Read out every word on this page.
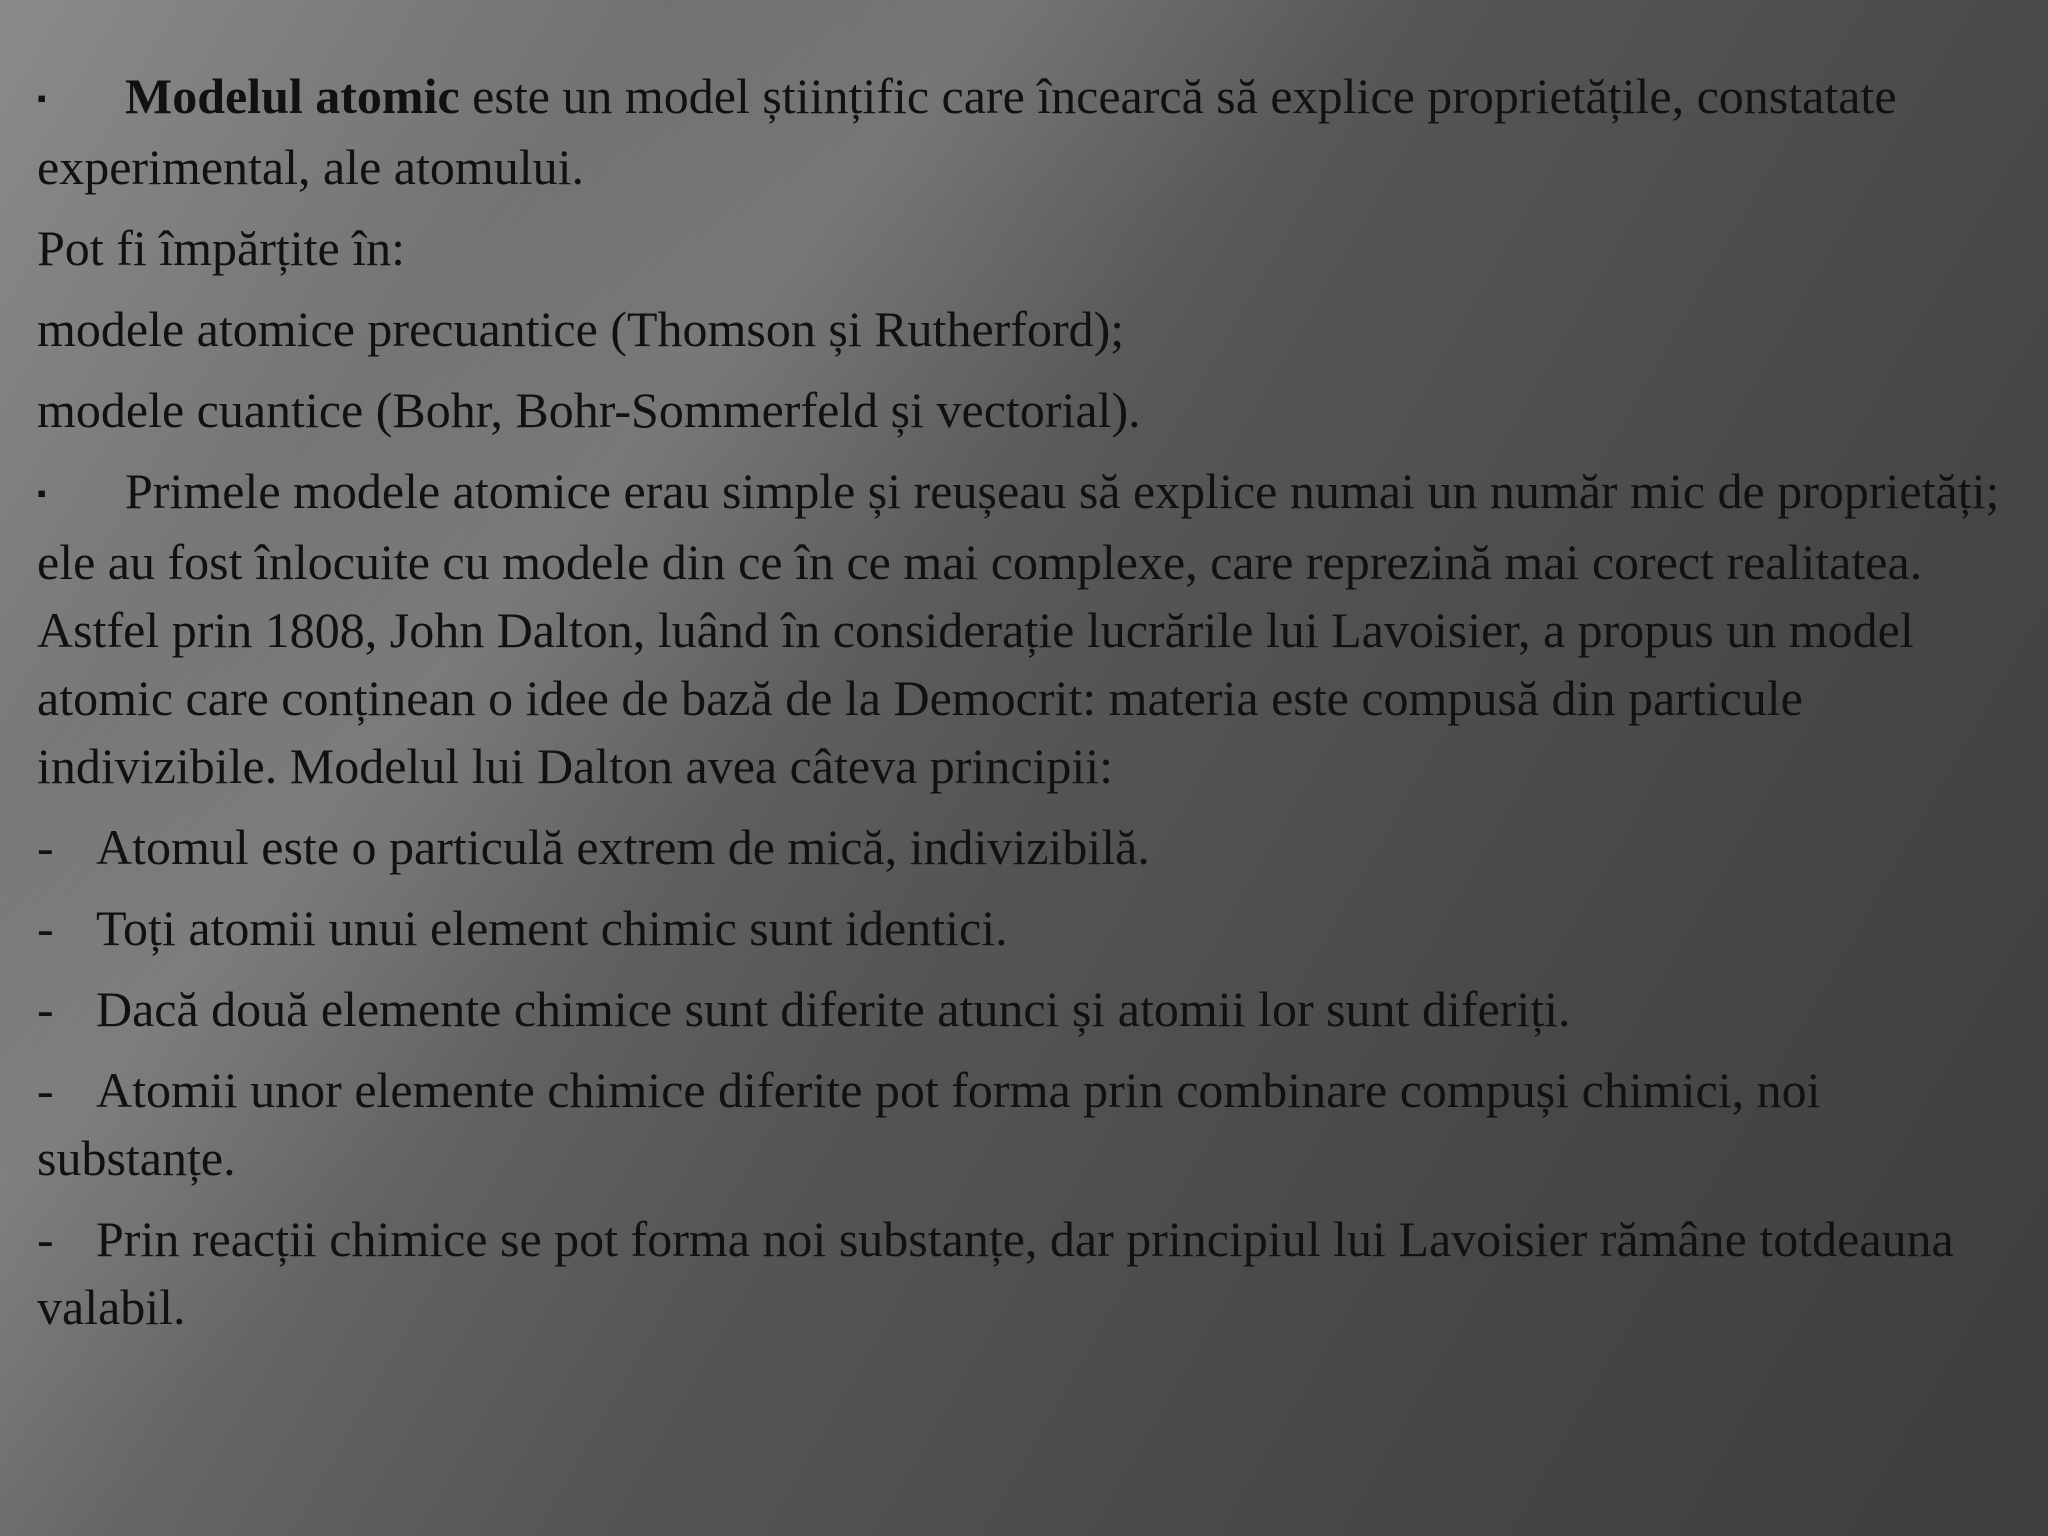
▪ Modelul atomic este un model științific care încearcă să explice proprietățile, constatate experimental, ale atomului.

Pot fi împărțite în:

modele atomice precuantice (Thomson și Rutherford);

modele cuantice (Bohr, Bohr-Sommerfeld și vectorial).

▪ Primele modele atomice erau simple și reușeau să explice numai un număr mic de proprietăți; ele au fost înlocuite cu modele din ce în ce mai complexe, care reprezină mai corect realitatea. Astfel prin 1808, John Dalton, luând în considerație lucrările lui Lavoisier, a propus un model atomic care conținean o idee de bază de la Democrit: materia este compusă din particule indivizibile. Modelul lui Dalton avea câteva principii:

- Atomul este o particulă extrem de mică, indivizibilă.

- Toți atomii unui element chimic sunt identici.

- Dacă două elemente chimice sunt diferite atunci și atomii lor sunt diferiți.

- Atomii unor elemente chimice diferite pot forma prin combinare compuși chimici, noi substanțe.

- Prin reacții chimice se pot forma noi substanțe, dar principiul lui Lavoisier rămâne totdeauna valabil.
